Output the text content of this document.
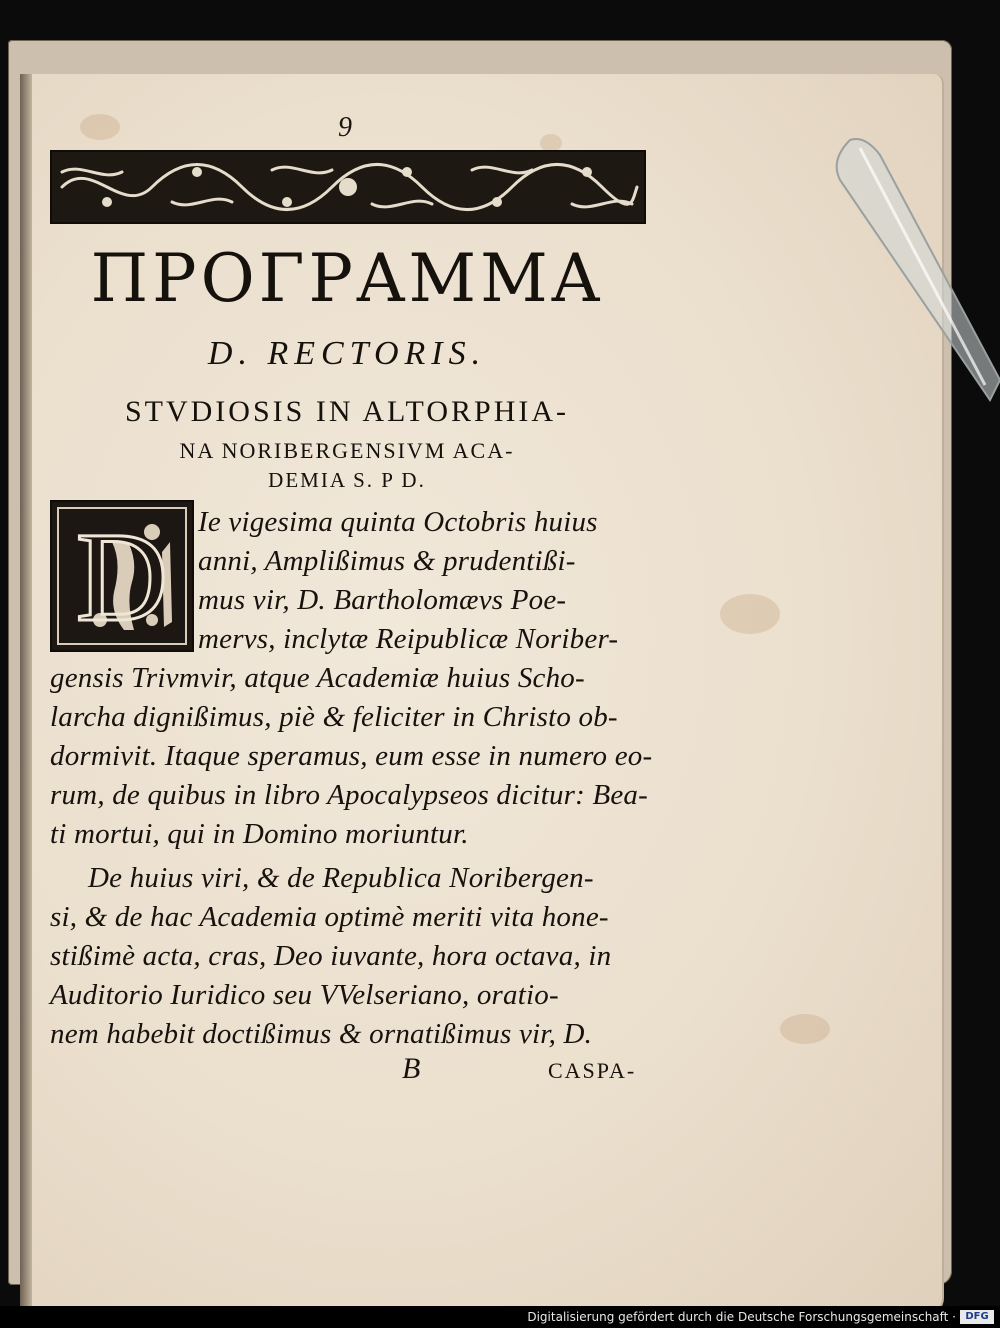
9
ΠΡΟΓΡΑΜΜΑ
D. RECTORIS.
STVDIOSIS IN ALTORPHIA-
NA NORIBERGENSIVM ACA-
DEMIA S. P D.
D Ie vigesima quinta Octobris huius
anni, Amplißimus & prudentißi-
mus vir, D. Bartholomævs Poe-
mervs, inclytæ Reipublicæ Noriber-
gensis Trivmvir, atque Academiæ huius Scho-
larcha dignißimus, piè & feliciter in Christo ob-
dormivit. Itaque speramus, eum esse in numero eo-
rum, de quibus in libro Apocalypseos dicitur: Bea-
ti mortui, qui in Domino moriuntur.
De huius viri, & de Republica Noribergen-
si, & de hac Academia optimè meriti vita hone-
stißimè acta, cras, Deo iuvante, hora octava, in
Auditorio Iuridico seu VVelseriano, oratio-
nem habebit doctißimus & ornatißimus vir, D.
B	CASPA-
Digitalisierung gefördert durch die Deutsche Forschungsgemeinschaft · DFG
